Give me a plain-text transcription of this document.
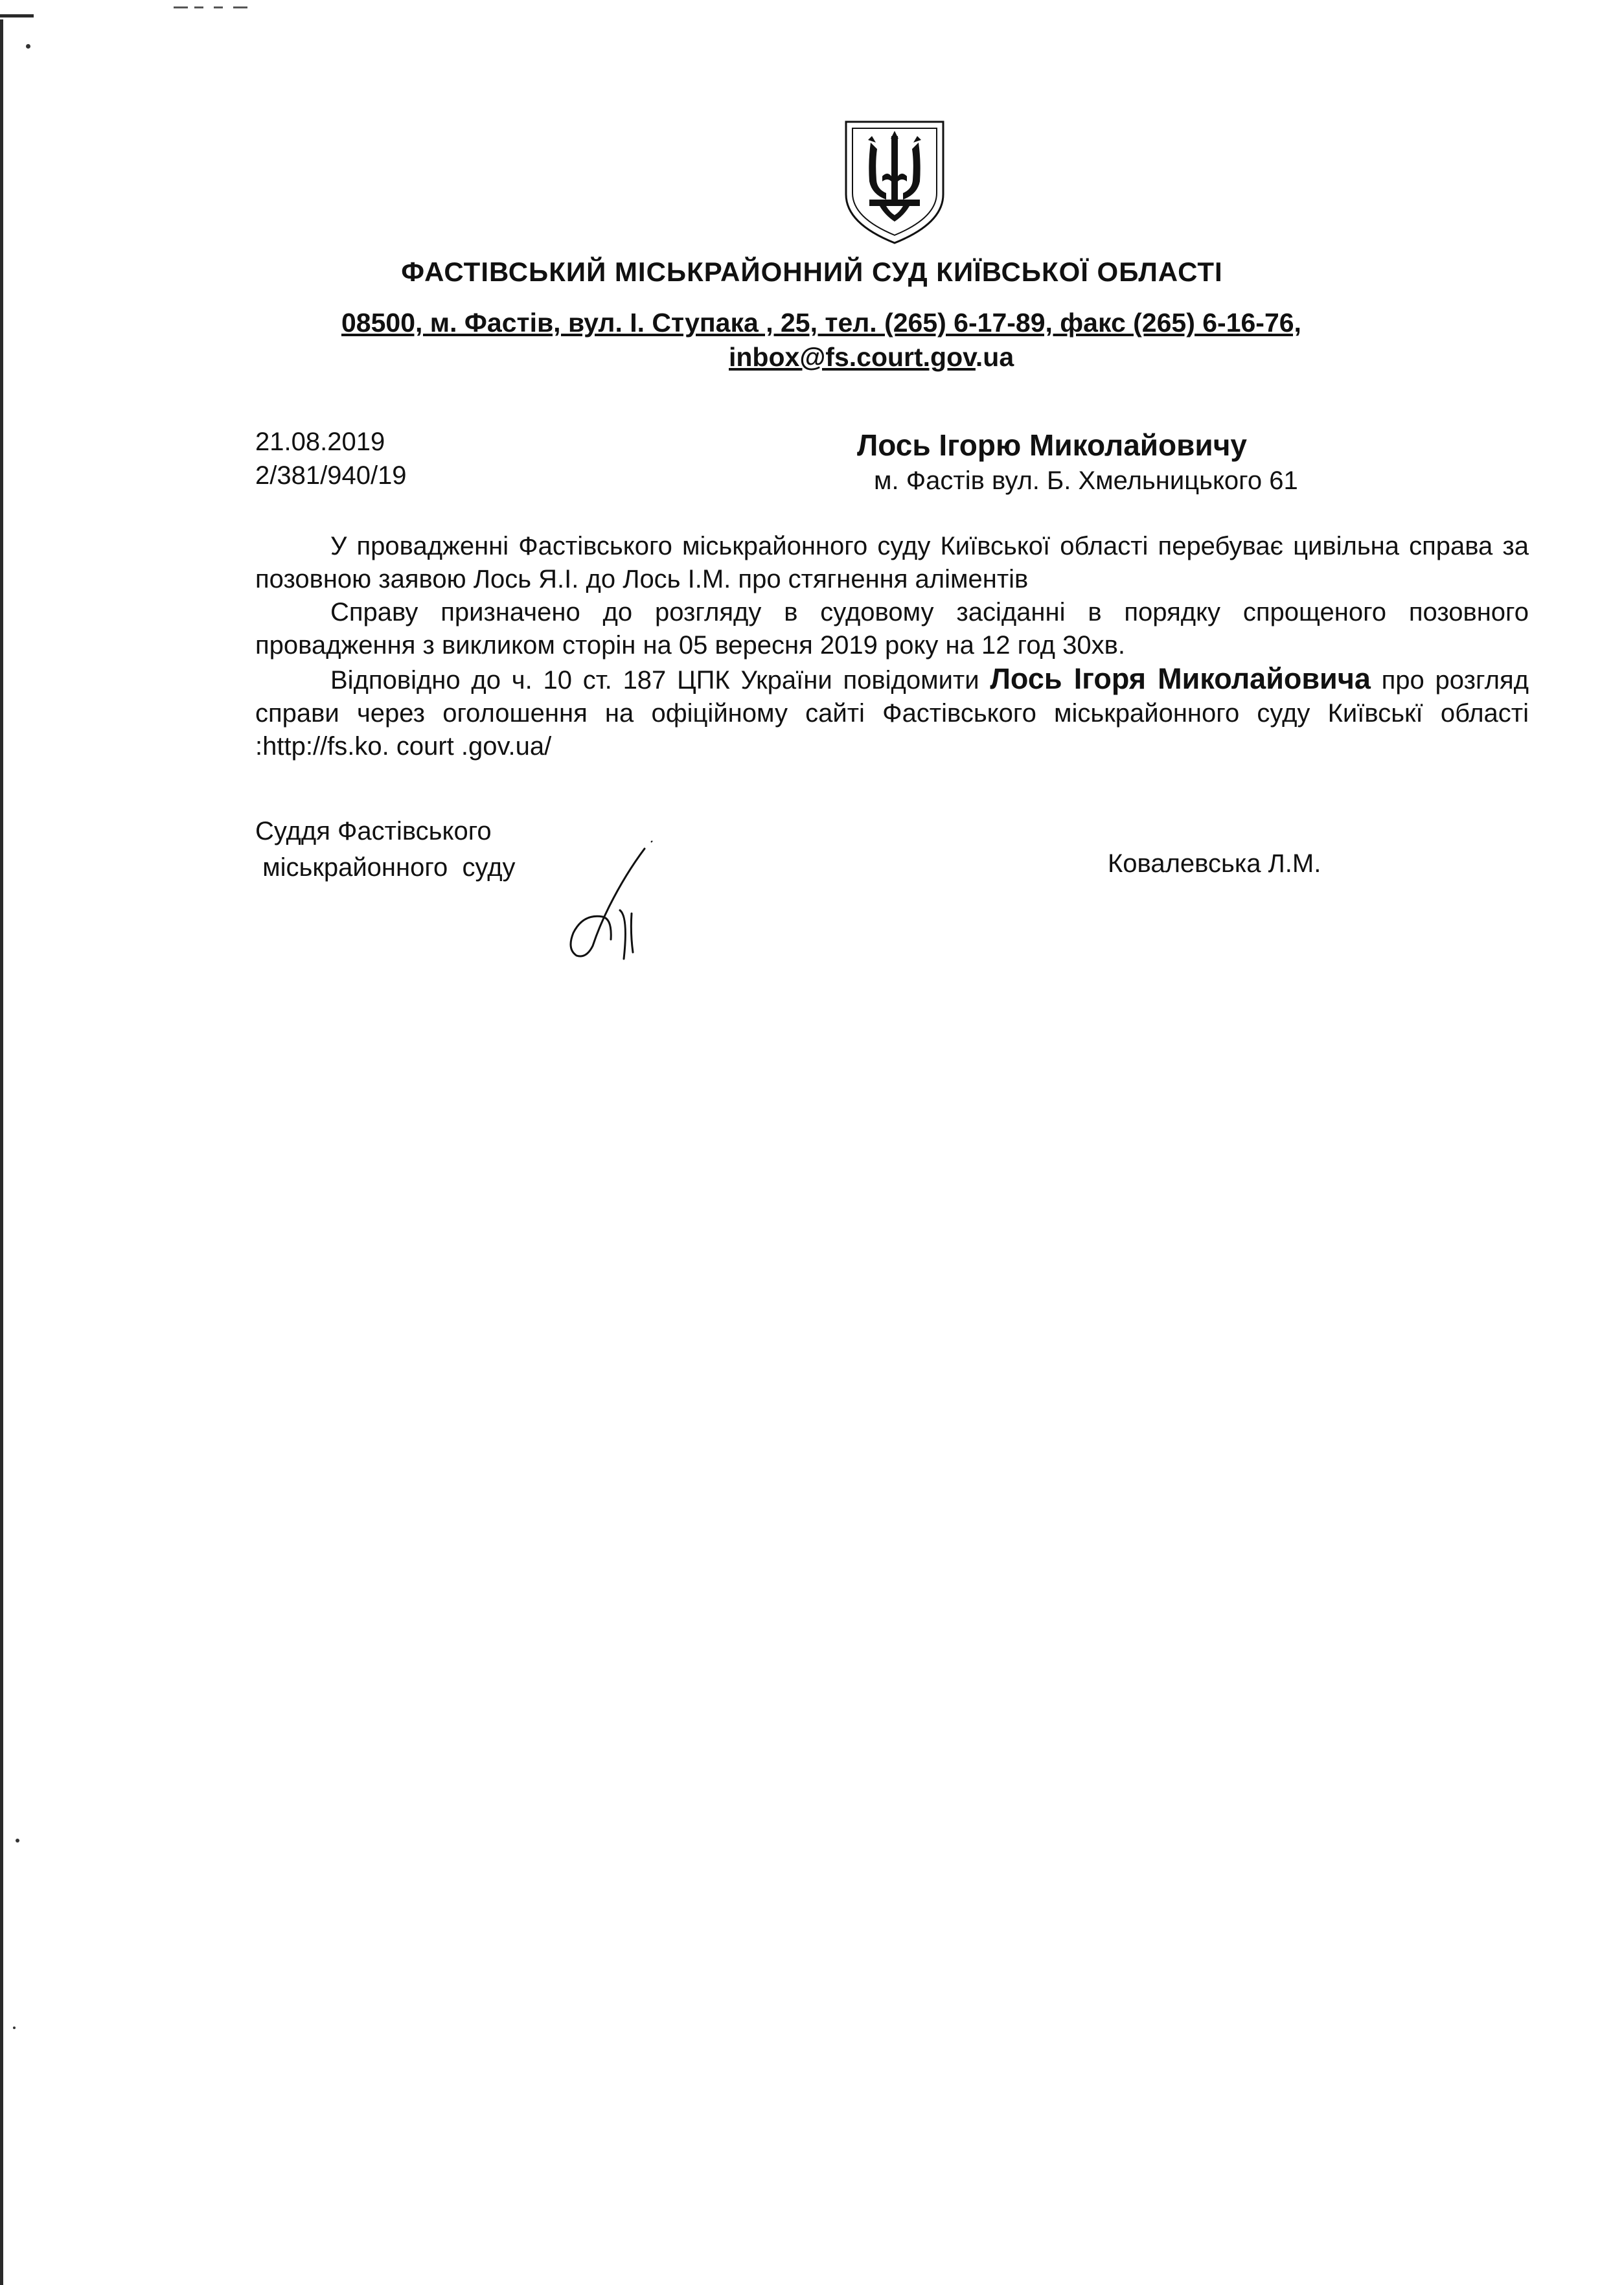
ФАСТІВСЬКИЙ МІСЬКРАЙОННИЙ СУД КИЇВСЬКОЇ ОБЛАСТІ
08500, м. Фастів, вул. І. Ступака , 25, тел. (265) 6-17-89, факс (265) 6-16-76,
inbox@fs.court.gov.ua
21.08.2019
2/381/940/19
Лось Ігорю Миколайовичу
м. Фастів вул. Б. Хмельницького 61

У провадженні Фастівського міськрайонного суду Київської області перебуває цивільна справа за позовною заявою Лось Я.І. до Лось І.М. про стягнення аліментів

Справу призначено до розгляду в судовому засіданні в порядку спрощеного позовного провадження з викликом сторін на 05 вересня 2019 року на 12 год 30хв.

Відповідно до ч. 10 ст. 187 ЦПК України повідомити Лось Ігоря Миколайовича про розгляд справи через оголошення на офіційному сайті Фастівського міськрайонного суду Київськї області :http://fs.ko. court .gov.ua/

Суддя Фастівського
міськрайонного  суду	Ковалевська Л.М.
